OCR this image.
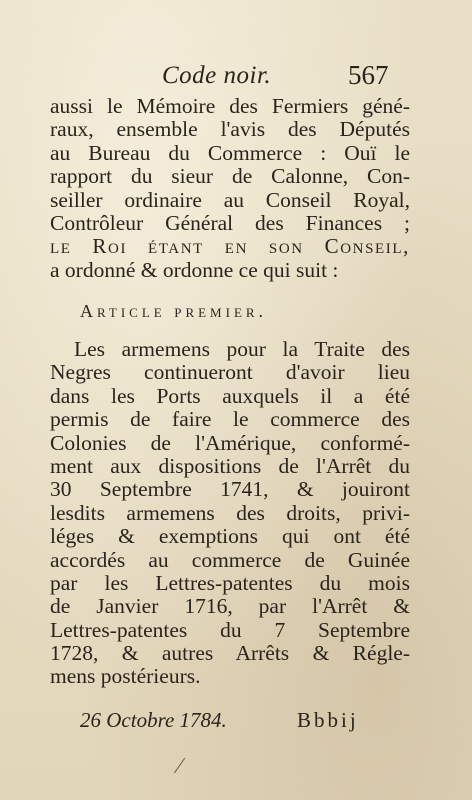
Code noir.	567
aussi le Mémoire des Fermiers géné-
raux, ensemble l'avis des Députés
au Bureau du Commerce : Ouï le
rapport du sieur de Calonne, Con-
seiller ordinaire au Conseil Royal,
Contrôleur Général des Finances ;
le Roi étant en son Conseil,
a ordonné & ordonne ce qui suit :
Article premier.
Les armemens pour la Traite des
Negres continueront d'avoir lieu
dans les Ports auxquels il a été
permis de faire le commerce des
Colonies de l'Amérique, conformé-
ment aux dispositions de l'Arrêt du
30 Septembre 1741, & jouiront
lesdits armemens des droits, privi-
léges & exemptions qui ont été
accordés au commerce de Guinée
par les Lettres-patentes du mois
de Janvier 1716, par l'Arrêt &
Lettres-patentes du 7 Septembre
1728, & autres Arrêts & Régle-
mens postérieurs.
26 Octobre 1784.	Bbbij
